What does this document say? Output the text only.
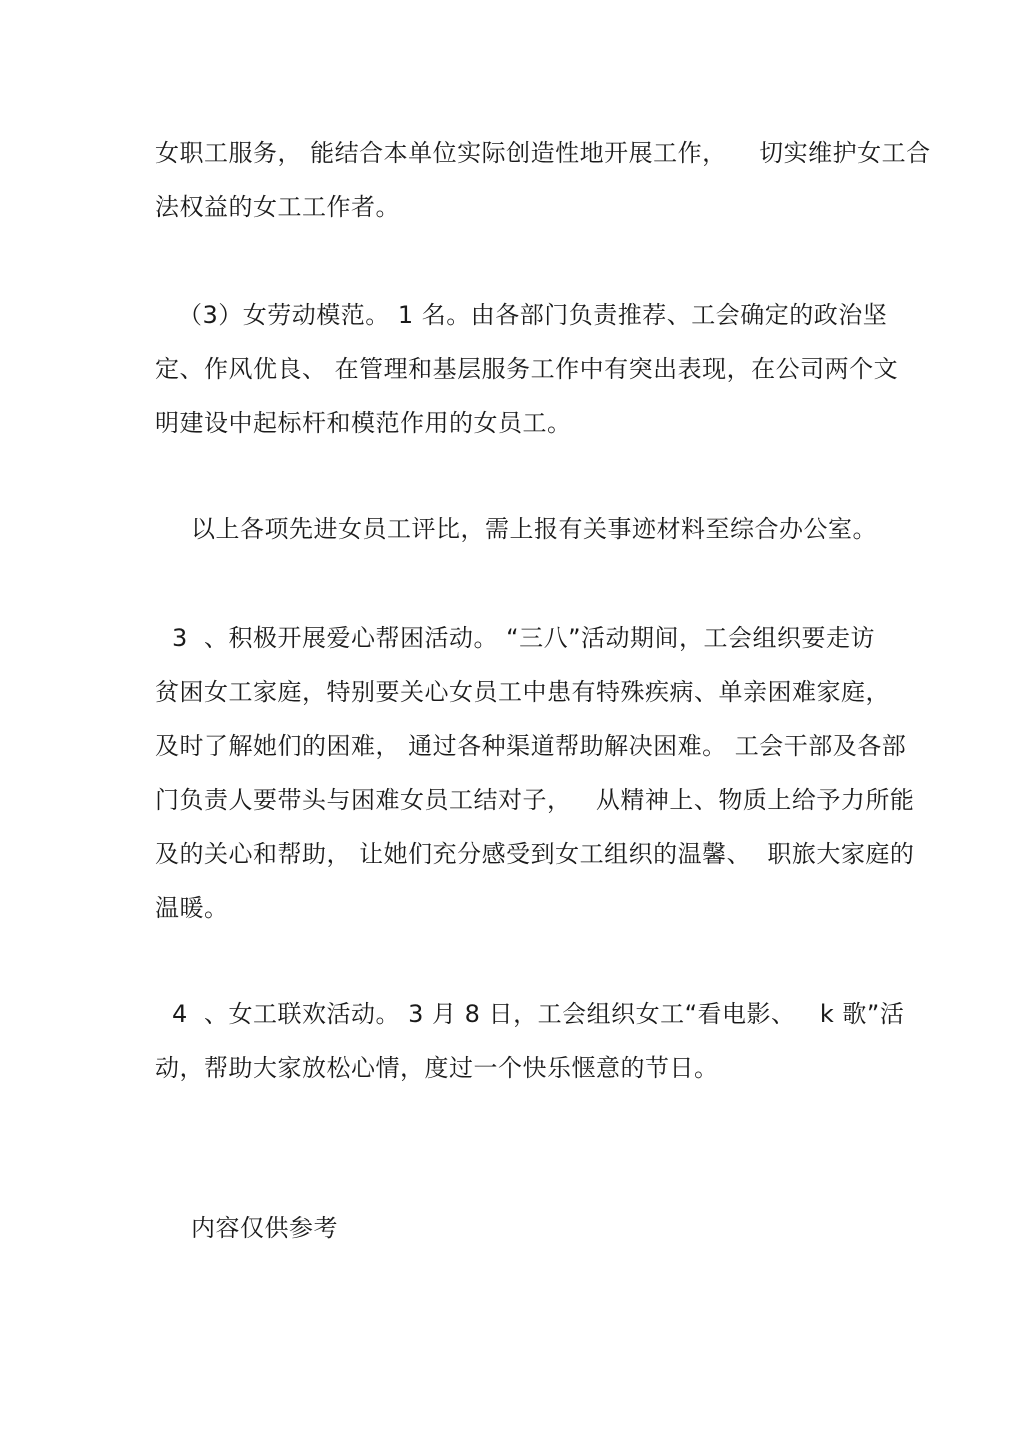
女职工服务， 能结合本单位实际创造性地开展工作，    切实维护女工合
法权益的女工工作者。
（3）女劳动模范。 1 名。由各部门负责推荐、工会确定的政治坚
定、作风优良、 在管理和基层服务工作中有突出表现，在公司两个文
明建设中起标杆和模范作用的女员工。
以上各项先进女员工评比，需上报有关事迹材料至综合办公室。
3  、积极开展爱心帮困活动。 “三八”活动期间，工会组织要走访
贫困女工家庭，特别要关心女员工中患有特殊疾病、单亲困难家庭，
及时了解她们的困难， 通过各种渠道帮助解决困难。 工会干部及各部
门负责人要带头与困难女员工结对子，   从精神上、物质上给予力所能
及的关心和帮助， 让她们充分感受到女工组织的温馨、  职旅大家庭的
温暖。
4  、女工联欢活动。 3 月 8 日，工会组织女工“看电影、   k 歌”活
动，帮助大家放松心情，度过一个快乐惬意的节日。
内容仅供参考
